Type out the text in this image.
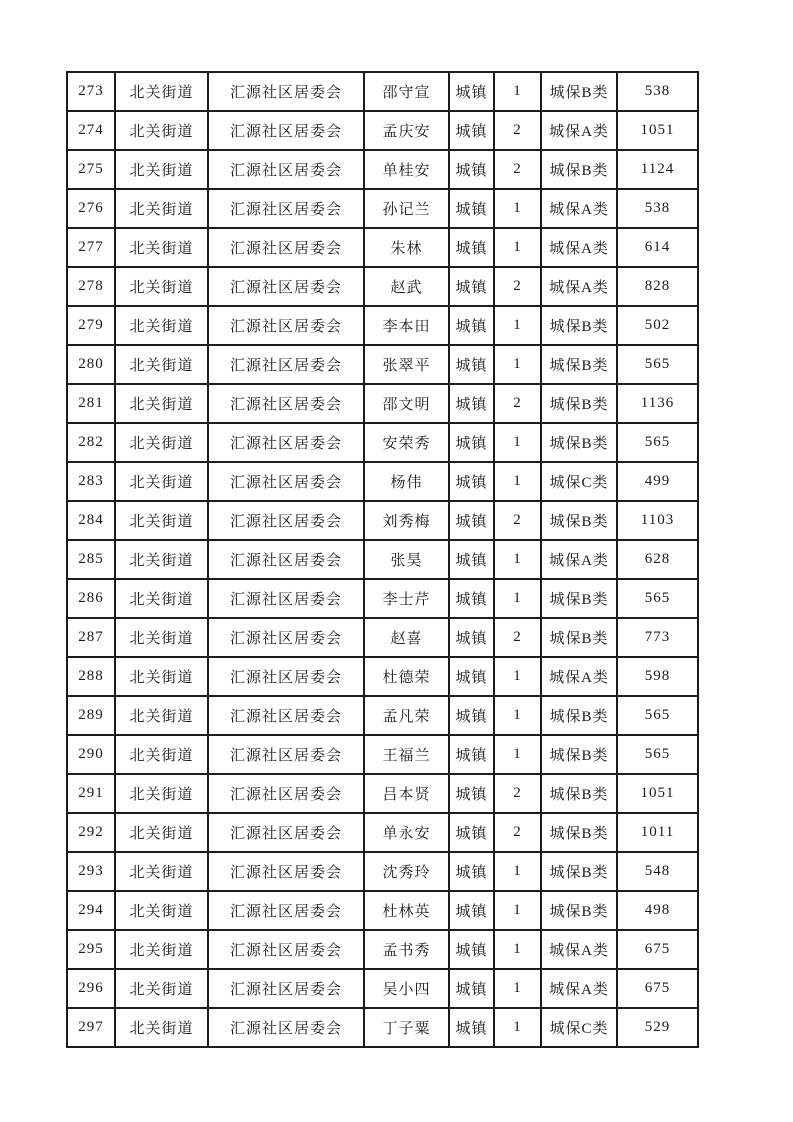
273	北关街道	汇源社区居委会	邵守宣	城镇	1	城保B类	538
274	北关街道	汇源社区居委会	孟庆安	城镇	2	城保A类	1051
275	北关街道	汇源社区居委会	单桂安	城镇	2	城保B类	1124
276	北关街道	汇源社区居委会	孙记兰	城镇	1	城保A类	538
277	北关街道	汇源社区居委会	朱林	城镇	1	城保A类	614
278	北关街道	汇源社区居委会	赵武	城镇	2	城保A类	828
279	北关街道	汇源社区居委会	李本田	城镇	1	城保B类	502
280	北关街道	汇源社区居委会	张翠平	城镇	1	城保B类	565
281	北关街道	汇源社区居委会	邵文明	城镇	2	城保B类	1136
282	北关街道	汇源社区居委会	安荣秀	城镇	1	城保B类	565
283	北关街道	汇源社区居委会	杨伟	城镇	1	城保C类	499
284	北关街道	汇源社区居委会	刘秀梅	城镇	2	城保B类	1103
285	北关街道	汇源社区居委会	张昊	城镇	1	城保A类	628
286	北关街道	汇源社区居委会	李士芹	城镇	1	城保B类	565
287	北关街道	汇源社区居委会	赵喜	城镇	2	城保B类	773
288	北关街道	汇源社区居委会	杜德荣	城镇	1	城保A类	598
289	北关街道	汇源社区居委会	孟凡荣	城镇	1	城保B类	565
290	北关街道	汇源社区居委会	王福兰	城镇	1	城保B类	565
291	北关街道	汇源社区居委会	吕本贤	城镇	2	城保B类	1051
292	北关街道	汇源社区居委会	单永安	城镇	2	城保B类	1011
293	北关街道	汇源社区居委会	沈秀玲	城镇	1	城保B类	548
294	北关街道	汇源社区居委会	杜林英	城镇	1	城保B类	498
295	北关街道	汇源社区居委会	孟书秀	城镇	1	城保A类	675
296	北关街道	汇源社区居委会	吴小四	城镇	1	城保A类	675
297	北关街道	汇源社区居委会	丁子粟	城镇	1	城保C类	529
